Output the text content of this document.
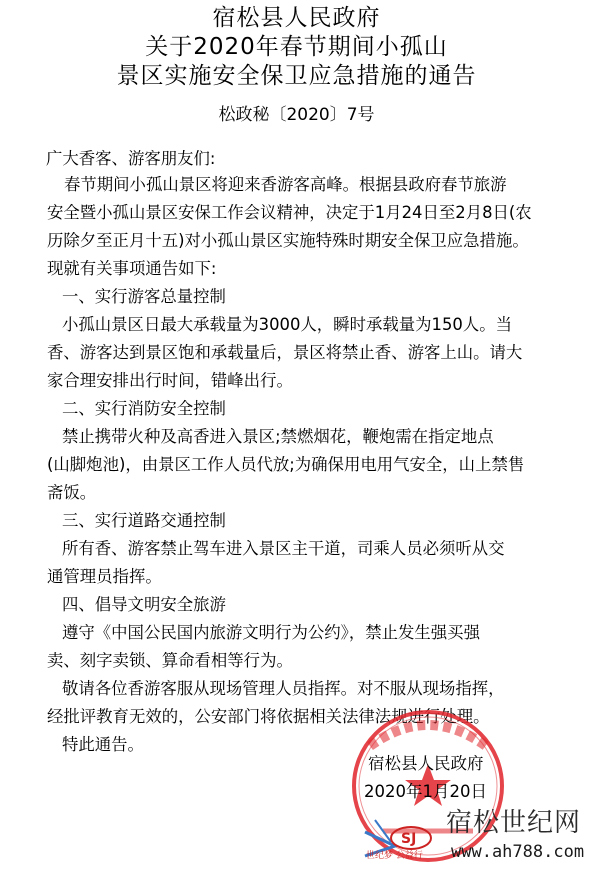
宿松县人民政府
关于2020年春节期间小孤山
景区实施安全保卫应急措施的通告
松政秘〔2020〕7号
广大香客、游客朋友们:
春节期间小孤山景区将迎来香游客高峰。根据县政府春节旅游
安全暨小孤山景区安保工作会议精神，决定于1月24日至2月8日(农
历除夕至正月十五)对小孤山景区实施特殊时期安全保卫应急措施。
现就有关事项通告如下:
一、实行游客总量控制
小孤山景区日最大承载量为3000人，瞬时承载量为150人。当
香、游客达到景区饱和承载量后，景区将禁止香、游客上山。请大
家合理安排出行时间，错峰出行。
二、实行消防安全控制
禁止携带火种及高香进入景区;禁燃烟花，鞭炮需在指定地点
(山脚炮池)，由景区工作人员代放;为确保用电用气安全，山上禁售
斋饭。
三、实行道路交通控制
所有香、游客禁止驾车进入景区主干道，司乘人员必须听从交
通管理员指挥。
四、倡导文明安全旅游
遵守《中国公民国内旅游文明行为公约》，禁止发生强买强
卖、刻字卖锁、算命看相等行为。
敬请各位香游客服从现场管理人员指挥。对不服从现场指挥，
经批评教育无效的，公安部门将依据相关法律法规进行处理。
特此通告。
宿松县人民政府
2020年1月20日
SJ
宿松世纪网
www.ah788.com
世纪梦 公益行
